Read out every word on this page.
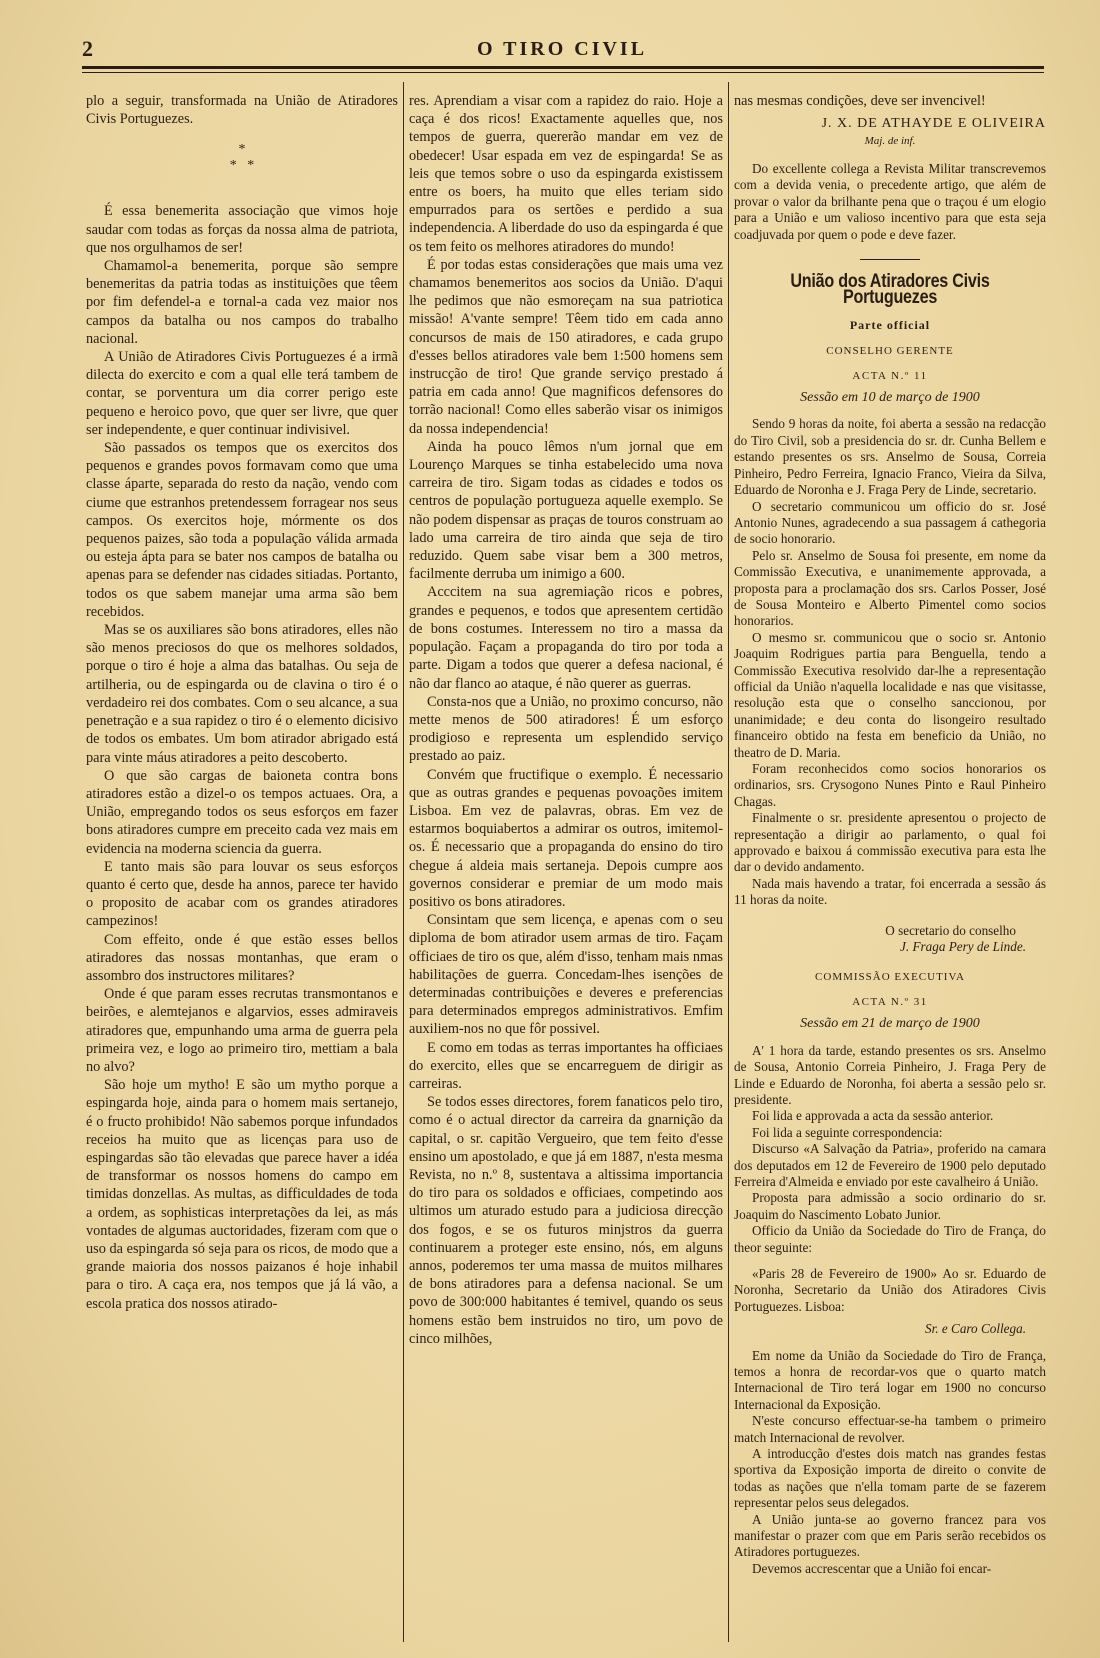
2	O TIRO CIVIL

plo a seguir, transformada na União de Atiradores Civis Portuguezes.

*
*   *

É essa benemerita associação que vimos hoje saudar com todas as forças da nossa alma de patriota, que nos orgulhamos de ser!

Chamamol-a benemerita, porque são sempre benemeritas da patria todas as instituições que têem por fim defendel-a e tornal-a cada vez maior nos campos da batalha ou nos campos do trabalho nacional.

A União de Atiradores Civis Portuguezes é a irmã dilecta do exercito e com a qual elle terá tambem de contar, se porventura um dia correr perigo este pequeno e heroico povo, que quer ser livre, que quer ser independente, e quer continuar indivisivel.

São passados os tempos que os exercitos dos pequenos e grandes povos formavam como que uma classe áparte, separada do resto da nação, vendo com ciume que estranhos pretendessem forragear nos seus campos. Os exercitos hoje, mórmente os dos pequenos paizes, são toda a população válida armada ou esteja ápta para se bater nos campos de batalha ou apenas para se defender nas cidades sitiadas. Portanto, todos os que sabem manejar uma arma são bem recebidos.

Mas se os auxiliares são bons atiradores, elles não são menos preciosos do que os melhores soldados, porque o tiro é hoje a alma das batalhas. Ou seja de artilheria, ou de espingarda ou de clavina o tiro é o verdadeiro rei dos combates. Com o seu alcance, a sua penetração e a sua rapidez o tiro é o elemento dicisivo de todos os embates. Um bom atirador abrigado está para vinte máus atiradores a peito descoberto.

O que são cargas de baioneta contra bons atiradores estão a dizel-o os tempos actuaes. Ora, a União, empregando todos os seus esforços em fazer bons atiradores cumpre em preceito cada vez mais em evidencia na moderna sciencia da guerra.

E tanto mais são para louvar os seus esforços quanto é certo que, desde ha annos, parece ter havido o proposito de acabar com os grandes atiradores campezinos!

Com effeito, onde é que estão esses bellos atiradores das nossas montanhas, que eram o assombro dos instructores militares?

Onde é que param esses recrutas transmontanos e beirões, e alemtejanos e algarvios, esses admiraveis atiradores que, empunhando uma arma de guerra pela primeira vez, e logo ao primeiro tiro, mettiam a bala no alvo?

São hoje um mytho! E são um mytho porque a espingarda hoje, ainda para o homem mais sertanejo, é o fructo prohibido! Não sabemos porque infundados receios ha muito que as licenças para uso de espingardas são tão elevadas que parece haver a idéa de transformar os nossos homens do campo em timidas donzellas. As multas, as difficuldades de toda a ordem, as sophisticas interpretações da lei, as más vontades de algumas auctoridades, fizeram com que o uso da espingarda só seja para os ricos, de modo que a grande maioria dos nossos paizanos é hoje inhabil para o tiro. A caça era, nos tempos que já lá vão, a escola pratica dos nossos atirado-

res. Aprendiam a visar com a rapidez do raio. Hoje a caça é dos ricos! Exactamente aquelles que, nos tempos de guerra, quererão mandar em vez de obedecer! Usar espada em vez de espingarda! Se as leis que temos sobre o uso da espingarda existissem entre os boers, ha muito que elles teriam sido empurrados para os sertões e perdido a sua independencia. A liberdade do uso da espingarda é que os tem feito os melhores atiradores do mundo!

É por todas estas considerações que mais uma vez chamamos benemeritos aos socios da União. D'aqui lhe pedimos que não esmoreçam na sua patriotica missão! A'vante sempre! Têem tido em cada anno concursos de mais de 150 atiradores, e cada grupo d'esses bellos atiradores vale bem 1:500 homens sem instrucção de tiro! Que grande serviço prestado á patria em cada anno! Que magnificos defensores do torrão nacional! Como elles saberão visar os inimigos da nossa independencia!

Ainda ha pouco lêmos n'um jornal que em Lourenço Marques se tinha estabelecido uma nova carreira de tiro. Sigam todas as cidades e todos os centros de população portugueza aquelle exemplo. Se não podem dispensar as praças de touros construam ao lado uma carreira de tiro ainda que seja de tiro reduzido. Quem sabe visar bem a 300 metros, facilmente derruba um inimigo a 600.

Acccitem na sua agremiação ricos e pobres, grandes e pequenos, e todos que apresentem certidão de bons costumes. Interessem no tiro a massa da população. Façam a propaganda do tiro por toda a parte. Digam a todos que querer a defesa nacional, é não dar flanco ao ataque, é não querer as guerras.

Consta-nos que a União, no proximo concurso, não mette menos de 500 atiradores! É um esforço prodigioso e representa um esplendido serviço prestado ao paiz.

Convém que fructifique o exemplo. É necessario que as outras grandes e pequenas povoações imitem Lisboa. Em vez de palavras, obras. Em vez de estarmos boquiabertos a admirar os outros, imitemol-os. É necessario que a propaganda do ensino do tiro chegue á aldeia mais sertaneja. Depois cumpre aos governos considerar e premiar de um modo mais positivo os bons atiradores.

Consintam que sem licença, e apenas com o seu diploma de bom atirador usem armas de tiro. Façam officiaes de tiro os que, além d'isso, tenham mais nmas habilitações de guerra. Concedam-lhes isenções de determinadas contribuições e deveres e preferencias para determinados empregos administrativos. Emfim auxiliem-nos no que fôr possivel.

E como em todas as terras importantes ha officiaes do exercito, elles que se encarreguem de dirigir as carreiras.

Se todos esses directores, forem fanaticos pelo tiro, como é o actual director da carreira da gnarnição da capital, o sr. capitão Vergueiro, que tem feito d'esse ensino um apostolado, e que já em 1887, n'esta mesma Revista, no n.º 8, sustentava a altissima importancia do tiro para os soldados e officiaes, competindo aos ultimos um aturado estudo para a judiciosa direcção dos fogos, e se os futuros minjstros da guerra continuarem a proteger este ensino, nós, em alguns annos, poderemos ter uma massa de muitos milhares de bons atiradores para a defensa nacional. Se um povo de 300:000 habitantes é temivel, quando os seus homens estão bem instruidos no tiro, um povo de cinco milhões,

nas mesmas condições, deve ser invencivel!

J. X. DE ATHAYDE E OLIVEIRA
Maj. de inf.

Do excellente collega a Revista Militar transcrevemos com a devida venia, o precedente artigo, que além de provar o valor da brilhante pena que o traçou é um elogio para a União e um valioso incentivo para que esta seja coadjuvada por quem o pode e deve fazer.

União dos Atiradores Civis Portuguezes
Parte official
CONSELHO GERENTE
ACTA N.º 11
Sessão em 10 de março de 1900

Sendo 9 horas da noite, foi aberta a sessão na redacção do Tiro Civil, sob a presidencia do sr. dr. Cunha Bellem e estando presentes os srs. Anselmo de Sousa, Correia Pinheiro, Pedro Ferreira, Ignacio Franco, Vieira da Silva, Eduardo de Noronha e J. Fraga Pery de Linde, secretario.

O secretario communicou um officio do sr. José Antonio Nunes, agradecendo a sua passagem á cathegoria de socio honorario.

Pelo sr. Anselmo de Sousa foi presente, em nome da Commissão Executiva, e unanimemente approvada, a proposta para a proclamação dos srs. Carlos Posser, José de Sousa Monteiro e Alberto Pimentel como socios honorarios.

O mesmo sr. communicou que o socio sr. Antonio Joaquim Rodrigues partia para Benguella, tendo a Commissão Executiva resolvido dar-lhe a representação official da União n'aquella localidade e nas que visitasse, resolução esta que o conselho sanccionou, por unanimidade; e deu conta do lisongeiro resultado financeiro obtido na festa em beneficio da União, no theatro de D. Maria.

Foram reconhecidos como socios honorarios os ordinarios, srs. Crysogono Nunes Pinto e Raul Pinheiro Chagas.

Finalmente o sr. presidente apresentou o projecto de representação a dirigir ao parlamento, o qual foi approvado e baixou á commissão executiva para esta lhe dar o devido andamento.

Nada mais havendo a tratar, foi encerrada a sessão ás 11 horas da noite.

O secretario do conselho
J. Fraga Pery de Linde.
COMMISSÃO EXECUTIVA
ACTA N.º 31
Sessão em 21 de março de 1900

A' 1 hora da tarde, estando presentes os srs. Anselmo de Sousa, Antonio Correia Pinheiro, J. Fraga Pery de Linde e Eduardo de Noronha, foi aberta a sessão pelo sr. presidente.

Foi lida e approvada a acta da sessão anterior.

Foi lida a seguinte correspondencia:

Discurso «A Salvação da Patria», proferido na camara dos deputados em 12 de Fevereiro de 1900 pelo deputado Ferreira d'Almeida e enviado por este cavalheiro á União.

Proposta para admissão a socio ordinario do sr. Joaquim do Nascimento Lobato Junior.

Officio da União da Sociedade do Tiro de França, do theor seguinte:

«Paris 28 de Fevereiro de 1900» Ao sr. Eduardo de Noronha, Secretario da União dos Atiradores Civis Portuguezes. Lisboa:

Sr. e Caro Collega.

Em nome da União da Sociedade do Tiro de França, temos a honra de recordar-vos que o quarto match Internacional de Tiro terá logar em 1900 no concurso Internacional da Exposição.

N'este concurso effectuar-se-ha tambem o primeiro match Internacional de revolver.

A introducção d'estes dois match nas grandes festas sportiva da Exposição importa de direito o convite de todas as nações que n'ella tomam parte de se fazerem representar pelos seus delegados.

A União junta-se ao governo francez para vos manifestar o prazer com que em Paris serão recebidos os Atiradores portuguezes.

Devemos accrescentar que a União foi encar-
